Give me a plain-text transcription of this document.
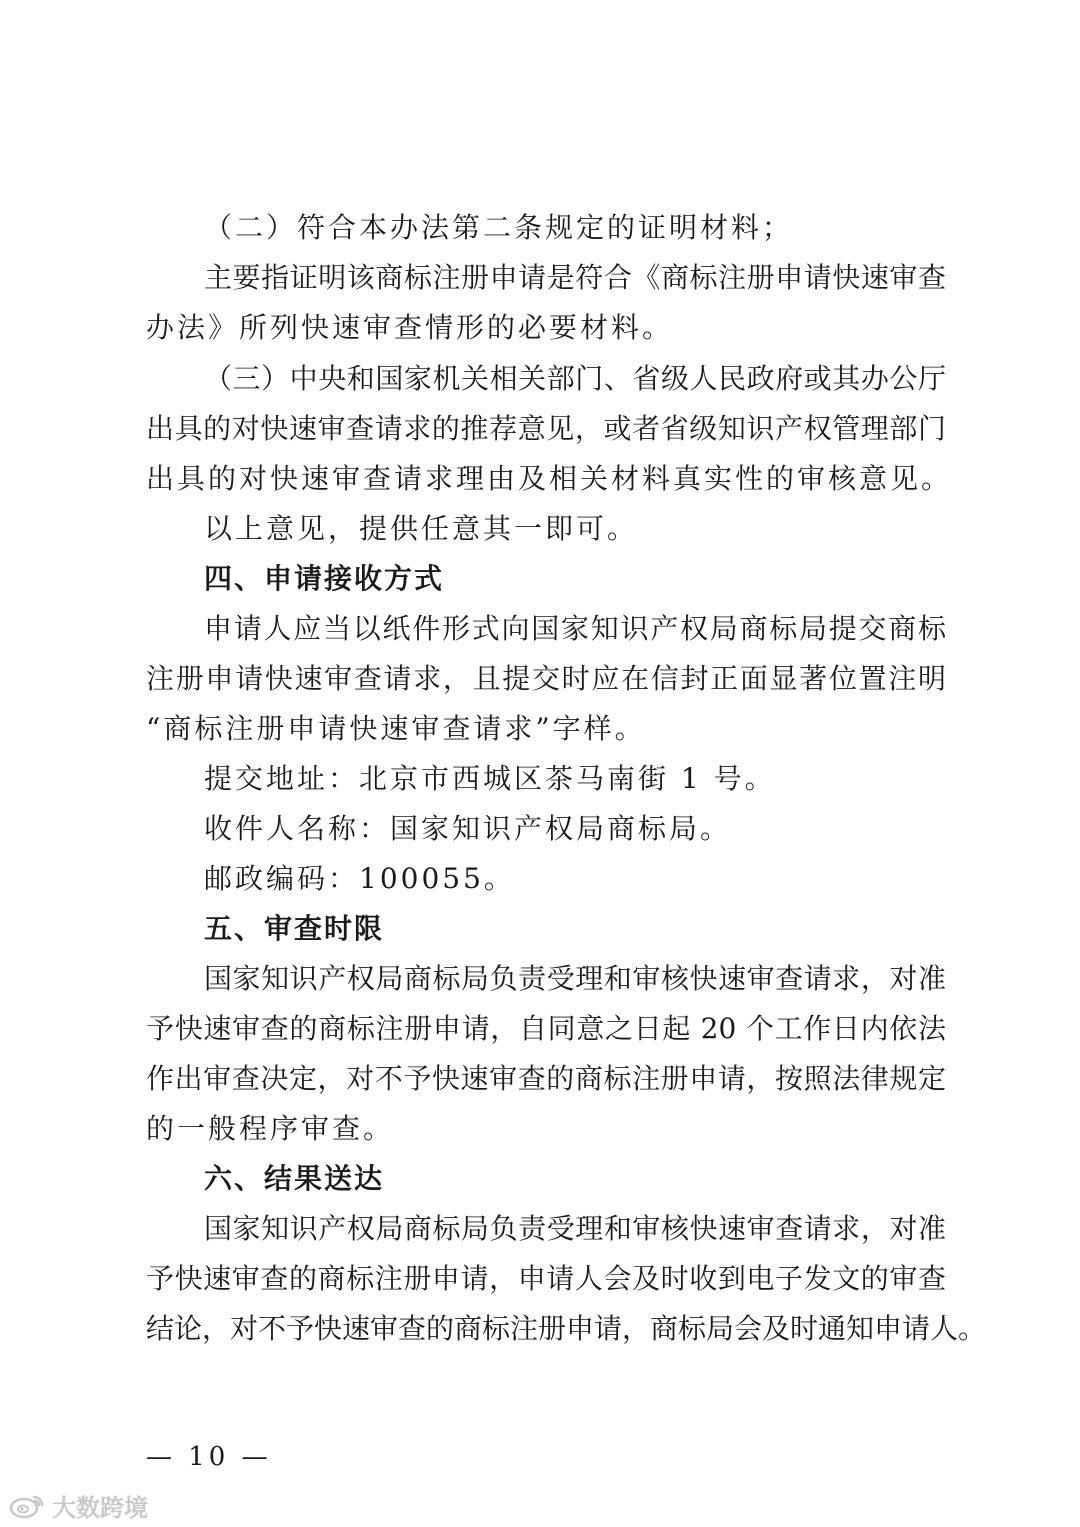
（二）符合本办法第二条规定的证明材料；
主要指证明该商标注册申请是符合《商标注册申请快速审查
办法》所列快速审查情形的必要材料。
（三）中央和国家机关相关部门、省级人民政府或其办公厅
出具的对快速审查请求的推荐意见，或者省级知识产权管理部门
出具的对快速审查请求理由及相关材料真实性的审核意见。
以上意见，提供任意其一即可。
四、申请接收方式
申请人应当以纸件形式向国家知识产权局商标局提交商标
注册申请快速审查请求，且提交时应在信封正面显著位置注明
“商标注册申请快速审查请求”字样。
提交地址：北京市西城区茶马南街 1 号。
收件人名称：国家知识产权局商标局。
邮政编码：100055。
五、审查时限
国家知识产权局商标局负责受理和审核快速审查请求，对准
予快速审查的商标注册申请，自同意之日起 20 个工作日内依法
作出审查决定，对不予快速审查的商标注册申请，按照法律规定
的一般程序审查。
六、结果送达
国家知识产权局商标局负责受理和审核快速审查请求，对准
予快速审查的商标注册申请，申请人会及时收到电子发文的审查
结论，对不予快速审查的商标注册申请，商标局会及时通知申请人。
— 10 —
大数跨境
